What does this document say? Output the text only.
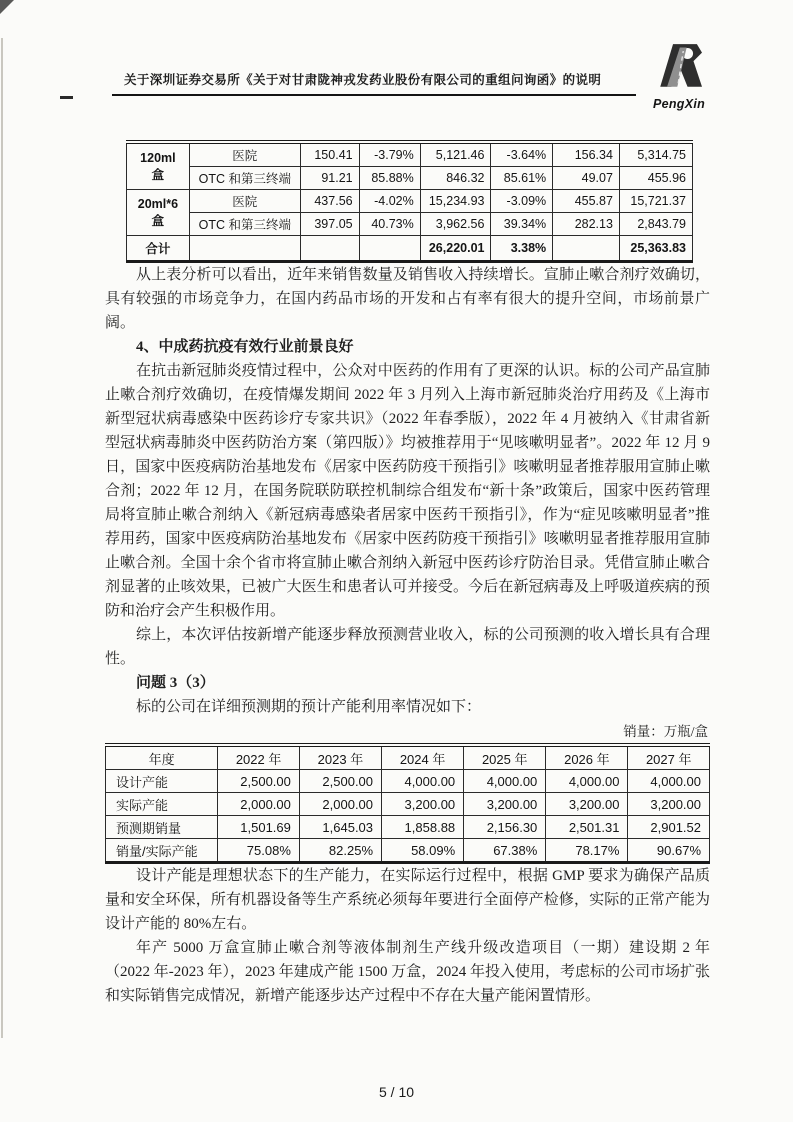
关于深圳证券交易所《关于对甘肃陇神戎发药业股份有限公司的重组问询函》的说明
PengXin
120ml 盒	医院	150.41	-3.79%	5,121.46	-3.64%	156.34	5,314.75
	OTC 和第三终端	91.21	85.88%	846.32	85.61%	49.07	455.96
20ml*6 盒	医院	437.56	-4.02%	15,234.93	-3.09%	455.87	15,721.37
	OTC 和第三终端	397.05	40.73%	3,962.56	39.34%	282.13	2,843.79
合计				26,220.01	3.38%		25,363.83

从上表分析可以看出，近年来销售数量及销售收入持续增长。宣肺止嗽合剂疗效确切，具有较强的市场竞争力，在国内药品市场的开发和占有率有很大的提升空间，市场前景广阔。

4、中成药抗疫有效行业前景良好

在抗击新冠肺炎疫情过程中，公众对中医药的作用有了更深的认识。标的公司产品宣肺止嗽合剂疗效确切，在疫情爆发期间 2022 年 3 月列入上海市新冠肺炎治疗用药及《上海市新型冠状病毒感染中医药诊疗专家共识》（2022 年春季版），2022 年 4 月被纳入《甘肃省新型冠状病毒肺炎中医药防治方案（第四版）》均被推荐用于“见咳嗽明显者”。2022 年 12 月 9 日，国家中医疫病防治基地发布《居家中医药防疫干预指引》咳嗽明显者推荐服用宣肺止嗽合剂；2022 年 12 月，在国务院联防联控机制综合组发布“新十条”政策后，国家中医药管理局将宣肺止嗽合剂纳入《新冠病毒感染者居家中医药干预指引》，作为“症见咳嗽明显者”推荐用药，国家中医疫病防治基地发布《居家中医药防疫干预指引》咳嗽明显者推荐服用宣肺止嗽合剂。全国十余个省市将宣肺止嗽合剂纳入新冠中医药诊疗防治目录。凭借宣肺止嗽合剂显著的止咳效果，已被广大医生和患者认可并接受。今后在新冠病毒及上呼吸道疾病的预防和治疗会产生积极作用。

综上，本次评估按新增产能逐步释放预测营业收入，标的公司预测的收入增长具有合理性。

问题 3（3）

标的公司在详细预测期的预计产能利用率情况如下：

销量：万瓶/盒
年度	2022 年	2023 年	2024 年	2025 年	2026 年	2027 年
设计产能	2,500.00	2,500.00	4,000.00	4,000.00	4,000.00	4,000.00
实际产能	2,000.00	2,000.00	3,200.00	3,200.00	3,200.00	3,200.00
预测期销量	1,501.69	1,645.03	1,858.88	2,156.30	2,501.31	2,901.52
销量/实际产能	75.08%	82.25%	58.09%	67.38%	78.17%	90.67%

设计产能是理想状态下的生产能力，在实际运行过程中，根据 GMP 要求为确保产品质量和安全环保，所有机器设备等生产系统必须每年要进行全面停产检修，实际的正常产能为设计产能的 80%左右。

年产 5000 万盒宣肺止嗽合剂等液体制剂生产线升级改造项目（一期）建设期 2 年（2022 年-2023 年），2023 年建成产能 1500 万盒，2024 年投入使用，考虑标的公司市场扩张和实际销售完成情况，新增产能逐步达产过程中不存在大量产能闲置情形。

5 / 10
